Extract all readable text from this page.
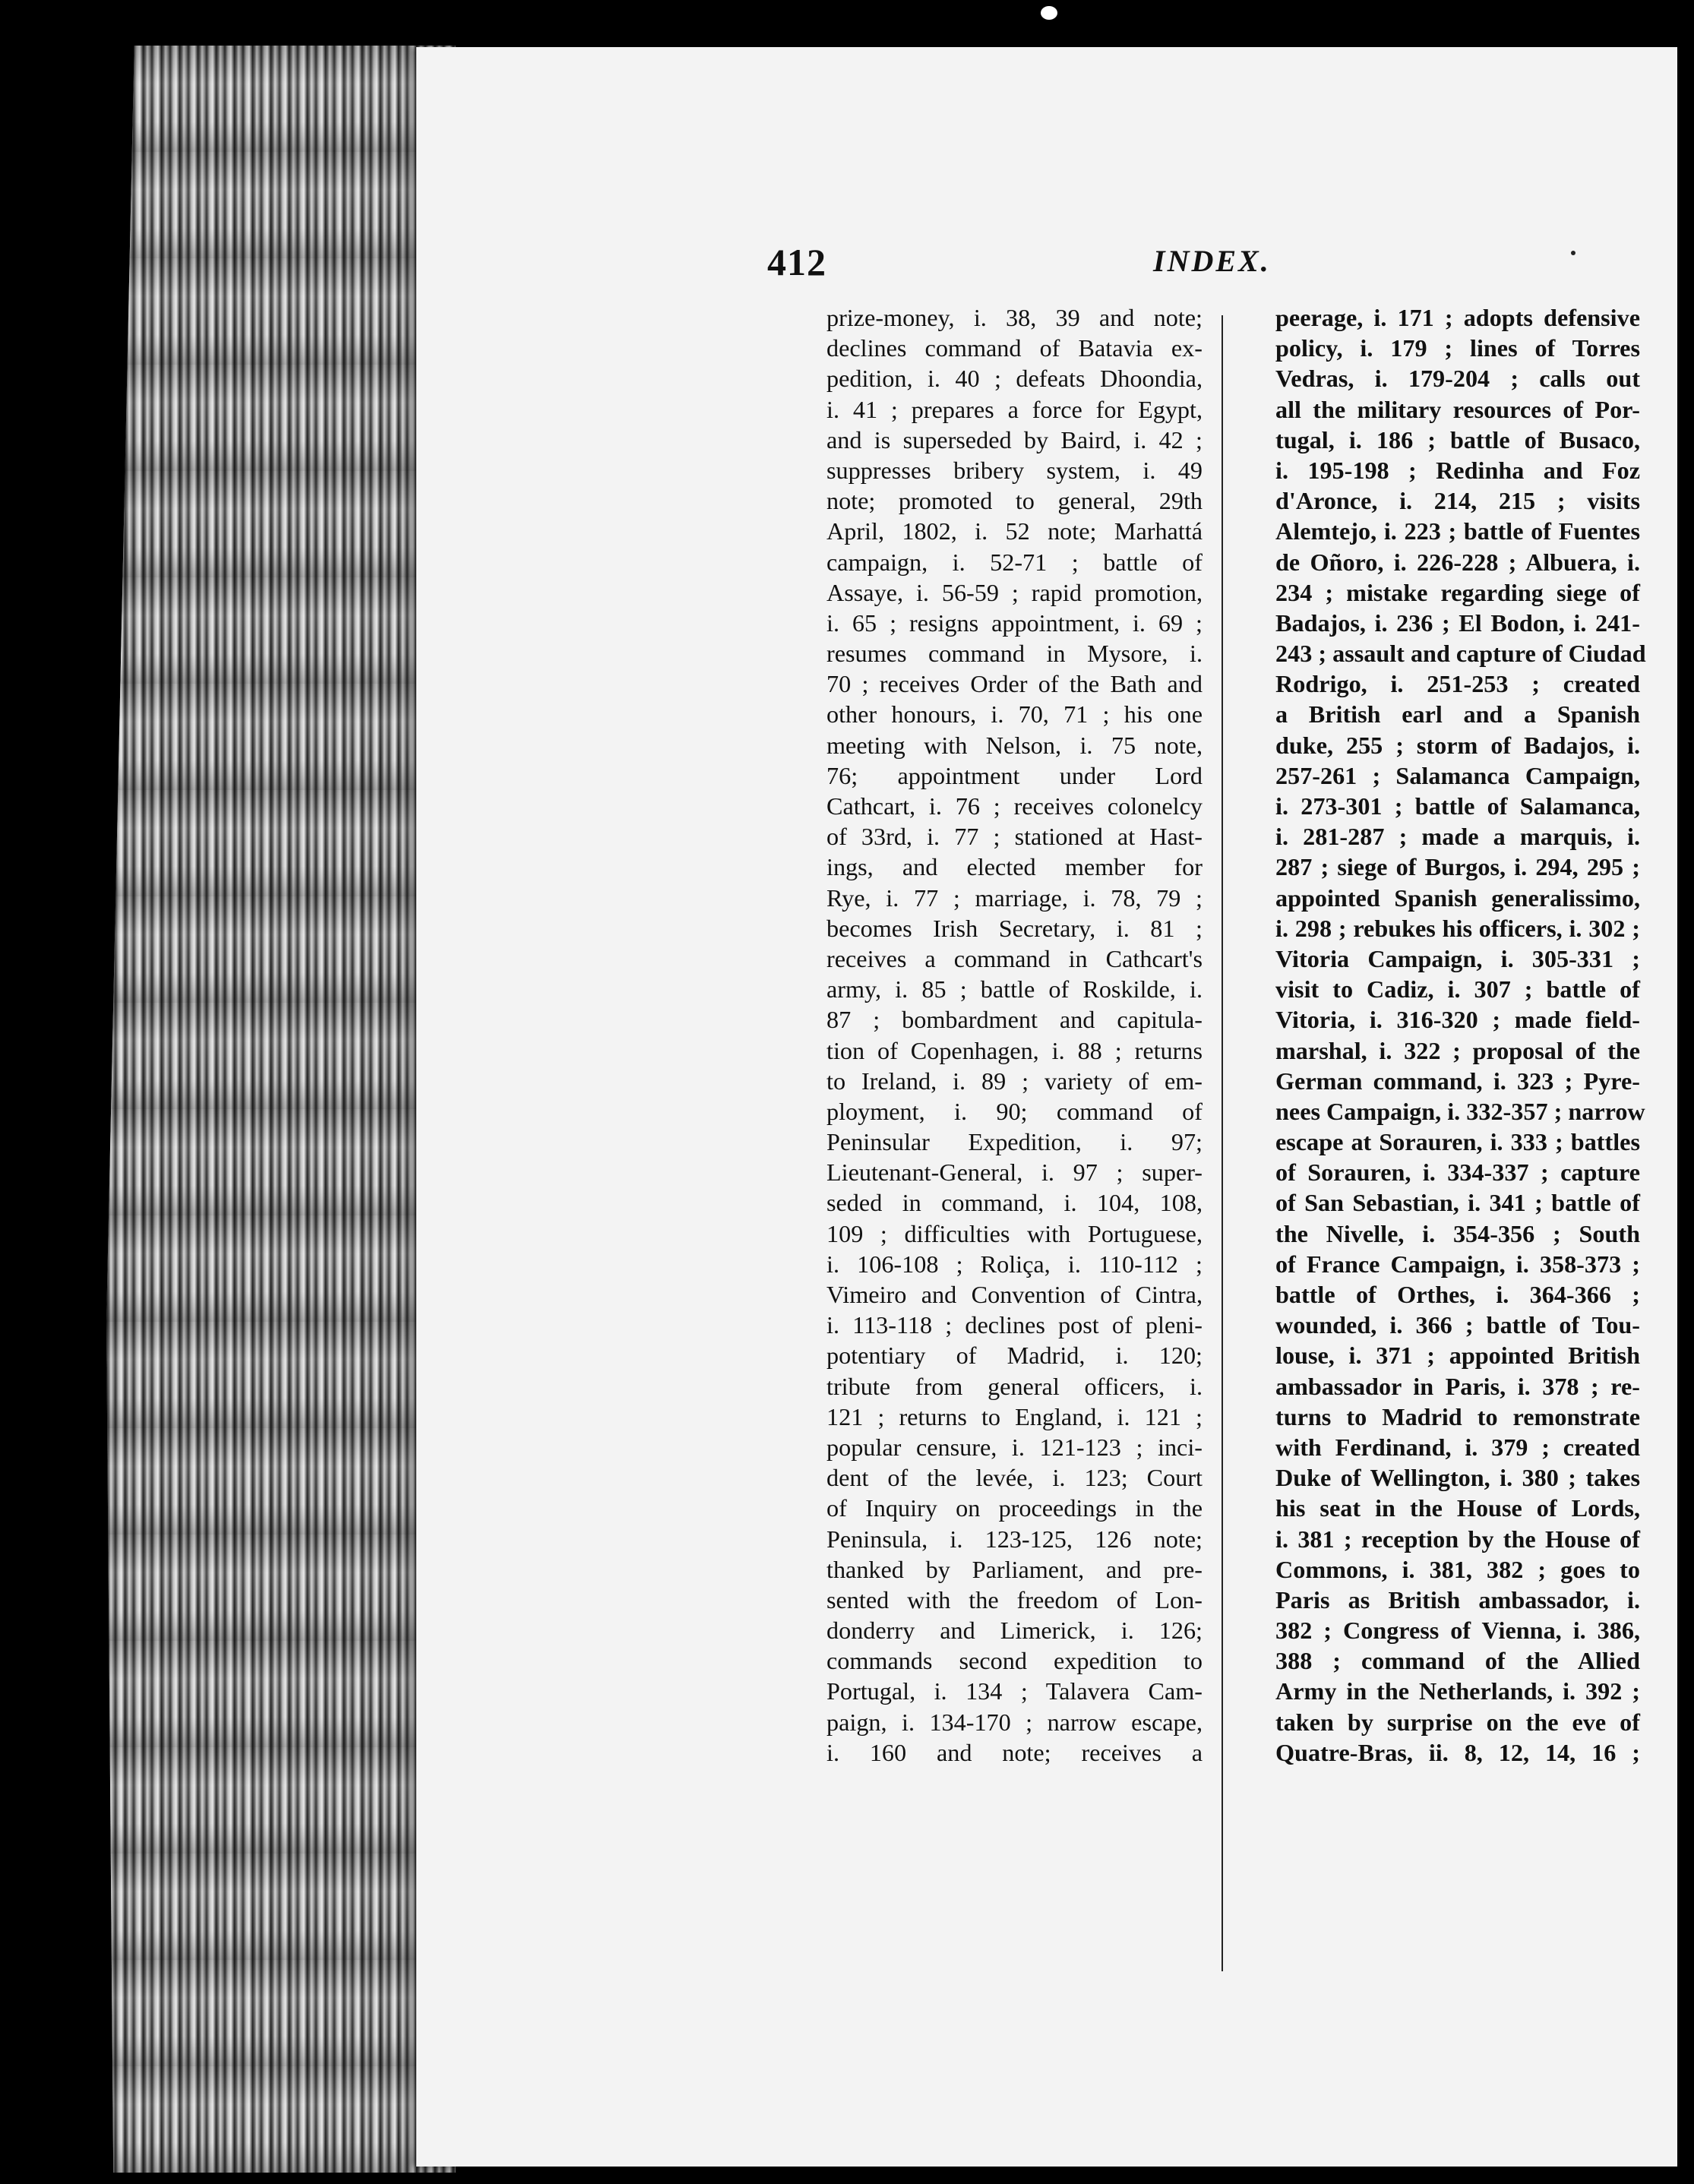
412	INDEX.
prize-money, i. 38, 39 and note;
declines command of Batavia ex-
pedition, i. 40 ; defeats Dhoondia,
i. 41 ; prepares a force for Egypt,
and is superseded by Baird, i. 42 ;
suppresses bribery system, i. 49
note; promoted to general, 29th
April, 1802, i. 52 note; Marhattá
campaign, i. 52-71 ; battle of
Assaye, i. 56-59 ; rapid promotion,
i. 65 ; resigns appointment, i. 69 ;
resumes command in Mysore, i.
70 ; receives Order of the Bath and
other honours, i. 70, 71 ; his one
meeting with Nelson, i. 75 note,
76; appointment under Lord
Cathcart, i. 76 ; receives colonelcy
of 33rd, i. 77 ; stationed at Hast-
ings, and elected member for
Rye, i. 77 ; marriage, i. 78, 79 ;
becomes Irish Secretary, i. 81 ;
receives a command in Cathcart's
army, i. 85 ; battle of Roskilde, i.
87 ; bombardment and capitula-
tion of Copenhagen, i. 88 ; returns
to Ireland, i. 89 ; variety of em-
ployment, i. 90; command of
Peninsular Expedition, i. 97;
Lieutenant-General, i. 97 ; super-
seded in command, i. 104, 108,
109 ; difficulties with Portuguese,
i. 106-108 ; Roliça, i. 110-112 ;
Vimeiro and Convention of Cintra,
i. 113-118 ; declines post of pleni-
potentiary of Madrid, i. 120;
tribute from general officers, i.
121 ; returns to England, i. 121 ;
popular censure, i. 121-123 ; inci-
dent of the levée, i. 123; Court
of Inquiry on proceedings in the
Peninsula, i. 123-125, 126 note;
thanked by Parliament, and pre-
sented with the freedom of Lon-
donderry and Limerick, i. 126;
commands second expedition to
Portugal, i. 134 ; Talavera Cam-
paign, i. 134-170 ; narrow escape,
i. 160 and note; receives a
peerage, i. 171 ; adopts defensive
policy, i. 179 ; lines of Torres
Vedras, i. 179-204 ; calls out
all the military resources of Por-
tugal, i. 186 ; battle of Busaco,
i. 195-198 ; Redinha and Foz
d'Aronce, i. 214, 215 ; visits
Alemtejo, i. 223 ; battle of Fuentes
de Oñoro, i. 226-228 ; Albuera, i.
234 ; mistake regarding siege of
Badajos, i. 236 ; El Bodon, i. 241-
243 ; assault and capture of Ciudad
Rodrigo, i. 251-253 ; created
a British earl and a Spanish
duke, 255 ; storm of Badajos, i.
257-261 ; Salamanca Campaign,
i. 273-301 ; battle of Salamanca,
i. 281-287 ; made a marquis, i.
287 ; siege of Burgos, i. 294, 295 ;
appointed Spanish generalissimo,
i. 298 ; rebukes his officers, i. 302 ;
Vitoria Campaign, i. 305-331 ;
visit to Cadiz, i. 307 ; battle of
Vitoria, i. 316-320 ; made field-
marshal, i. 322 ; proposal of the
German command, i. 323 ; Pyre-
nees Campaign, i. 332-357 ; narrow
escape at Sorauren, i. 333 ; battles
of Sorauren, i. 334-337 ; capture
of San Sebastian, i. 341 ; battle of
the Nivelle, i. 354-356 ; South
of France Campaign, i. 358-373 ;
battle of Orthes, i. 364-366 ;
wounded, i. 366 ; battle of Tou-
louse, i. 371 ; appointed British
ambassador in Paris, i. 378 ; re-
turns to Madrid to remonstrate
with Ferdinand, i. 379 ; created
Duke of Wellington, i. 380 ; takes
his seat in the House of Lords,
i. 381 ; reception by the House of
Commons, i. 381, 382 ; goes to
Paris as British ambassador, i.
382 ; Congress of Vienna, i. 386,
388 ; command of the Allied
Army in the Netherlands, i. 392 ;
taken by surprise on the eve of
Quatre-Bras, ii. 8, 12, 14, 16 ;
